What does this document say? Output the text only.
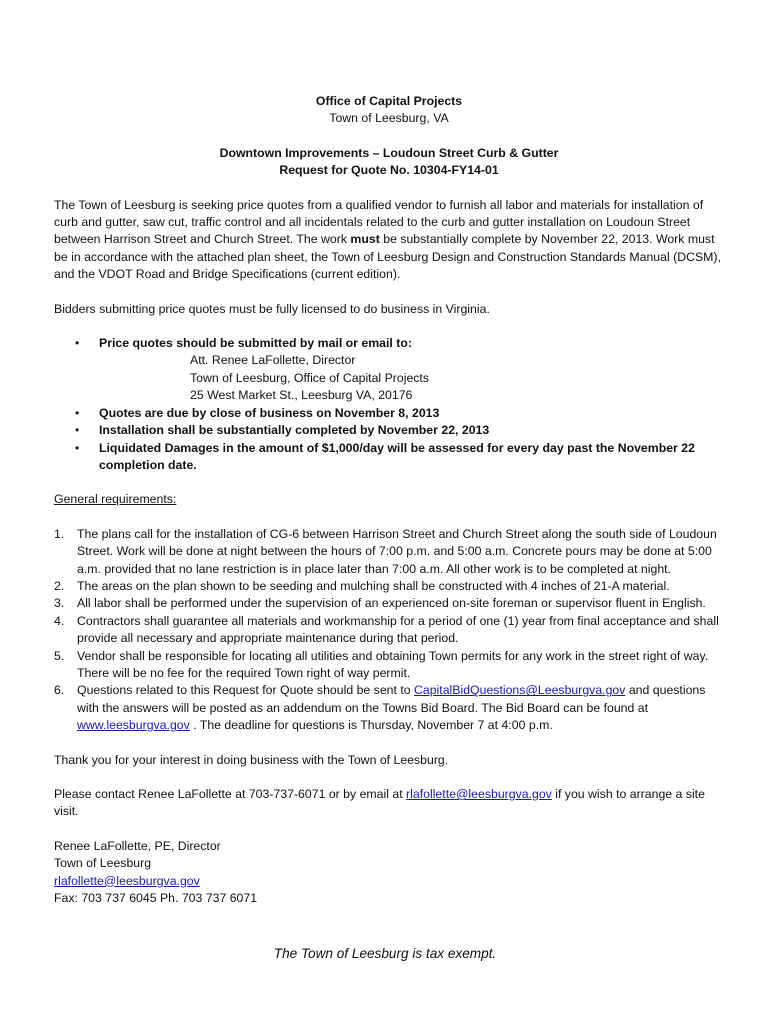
Office of Capital Projects

Town of Leesburg, VA

Downtown Improvements – Loudoun Street Curb & Gutter

Request for Quote No. 10304-FY14-01

The Town of Leesburg is seeking price quotes from a qualified vendor to furnish all labor and materials for installation of curb and gutter, saw cut, traffic control and all incidentals related to the curb and gutter installation on Loudoun Street between Harrison Street and Church Street. The work must be substantially complete by November 22, 2013. Work must be in accordance with the attached plan sheet, the Town of Leesburg Design and Construction Standards Manual (DCSM), and the VDOT Road and Bridge Specifications (current edition).

Bidders submitting price quotes must be fully licensed to do business in Virginia.

• Price quotes should be submitted by mail or email to:
Att. Renee LaFollette, Director
Town of Leesburg, Office of Capital Projects
25 West Market St., Leesburg VA, 20176
• Quotes are due by close of business on November 8, 2013
• Installation shall be substantially completed by November 22, 2013
• Liquidated Damages in the amount of $1,000/day will be assessed for every day past the November 22 completion date.

General requirements:

1. The plans call for the installation of CG-6 between Harrison Street and Church Street along the south side of Loudoun Street. Work will be done at night between the hours of 7:00 p.m. and 5:00 a.m. Concrete pours may be done at 5:00 a.m. provided that no lane restriction is in place later than 7:00 a.m. All other work is to be completed at night.
2. The areas on the plan shown to be seeding and mulching shall be constructed with 4 inches of 21-A material.
3. All labor shall be performed under the supervision of an experienced on-site foreman or supervisor fluent in English.
4. Contractors shall guarantee all materials and workmanship for a period of one (1) year from final acceptance and shall provide all necessary and appropriate maintenance during that period.
5. Vendor shall be responsible for locating all utilities and obtaining Town permits for any work in the street right of way. There will be no fee for the required Town right of way permit.
6. Questions related to this Request for Quote should be sent to CapitalBidQuestions@Leesburgva.gov and questions with the answers will be posted as an addendum on the Towns Bid Board. The Bid Board can be found at www.leesburgva.gov . The deadline for questions is Thursday, November 7 at 4:00 p.m.

Thank you for your interest in doing business with the Town of Leesburg.

Please contact Renee LaFollette at 703-737-6071 or by email at rlafollette@leesburgva.gov if you wish to arrange a site visit.

Renee LaFollette, PE, Director

Town of Leesburg

rlafollette@leesburgva.gov

Fax: 703 737 6045 Ph. 703 737 6071

The Town of Leesburg is tax exempt.
